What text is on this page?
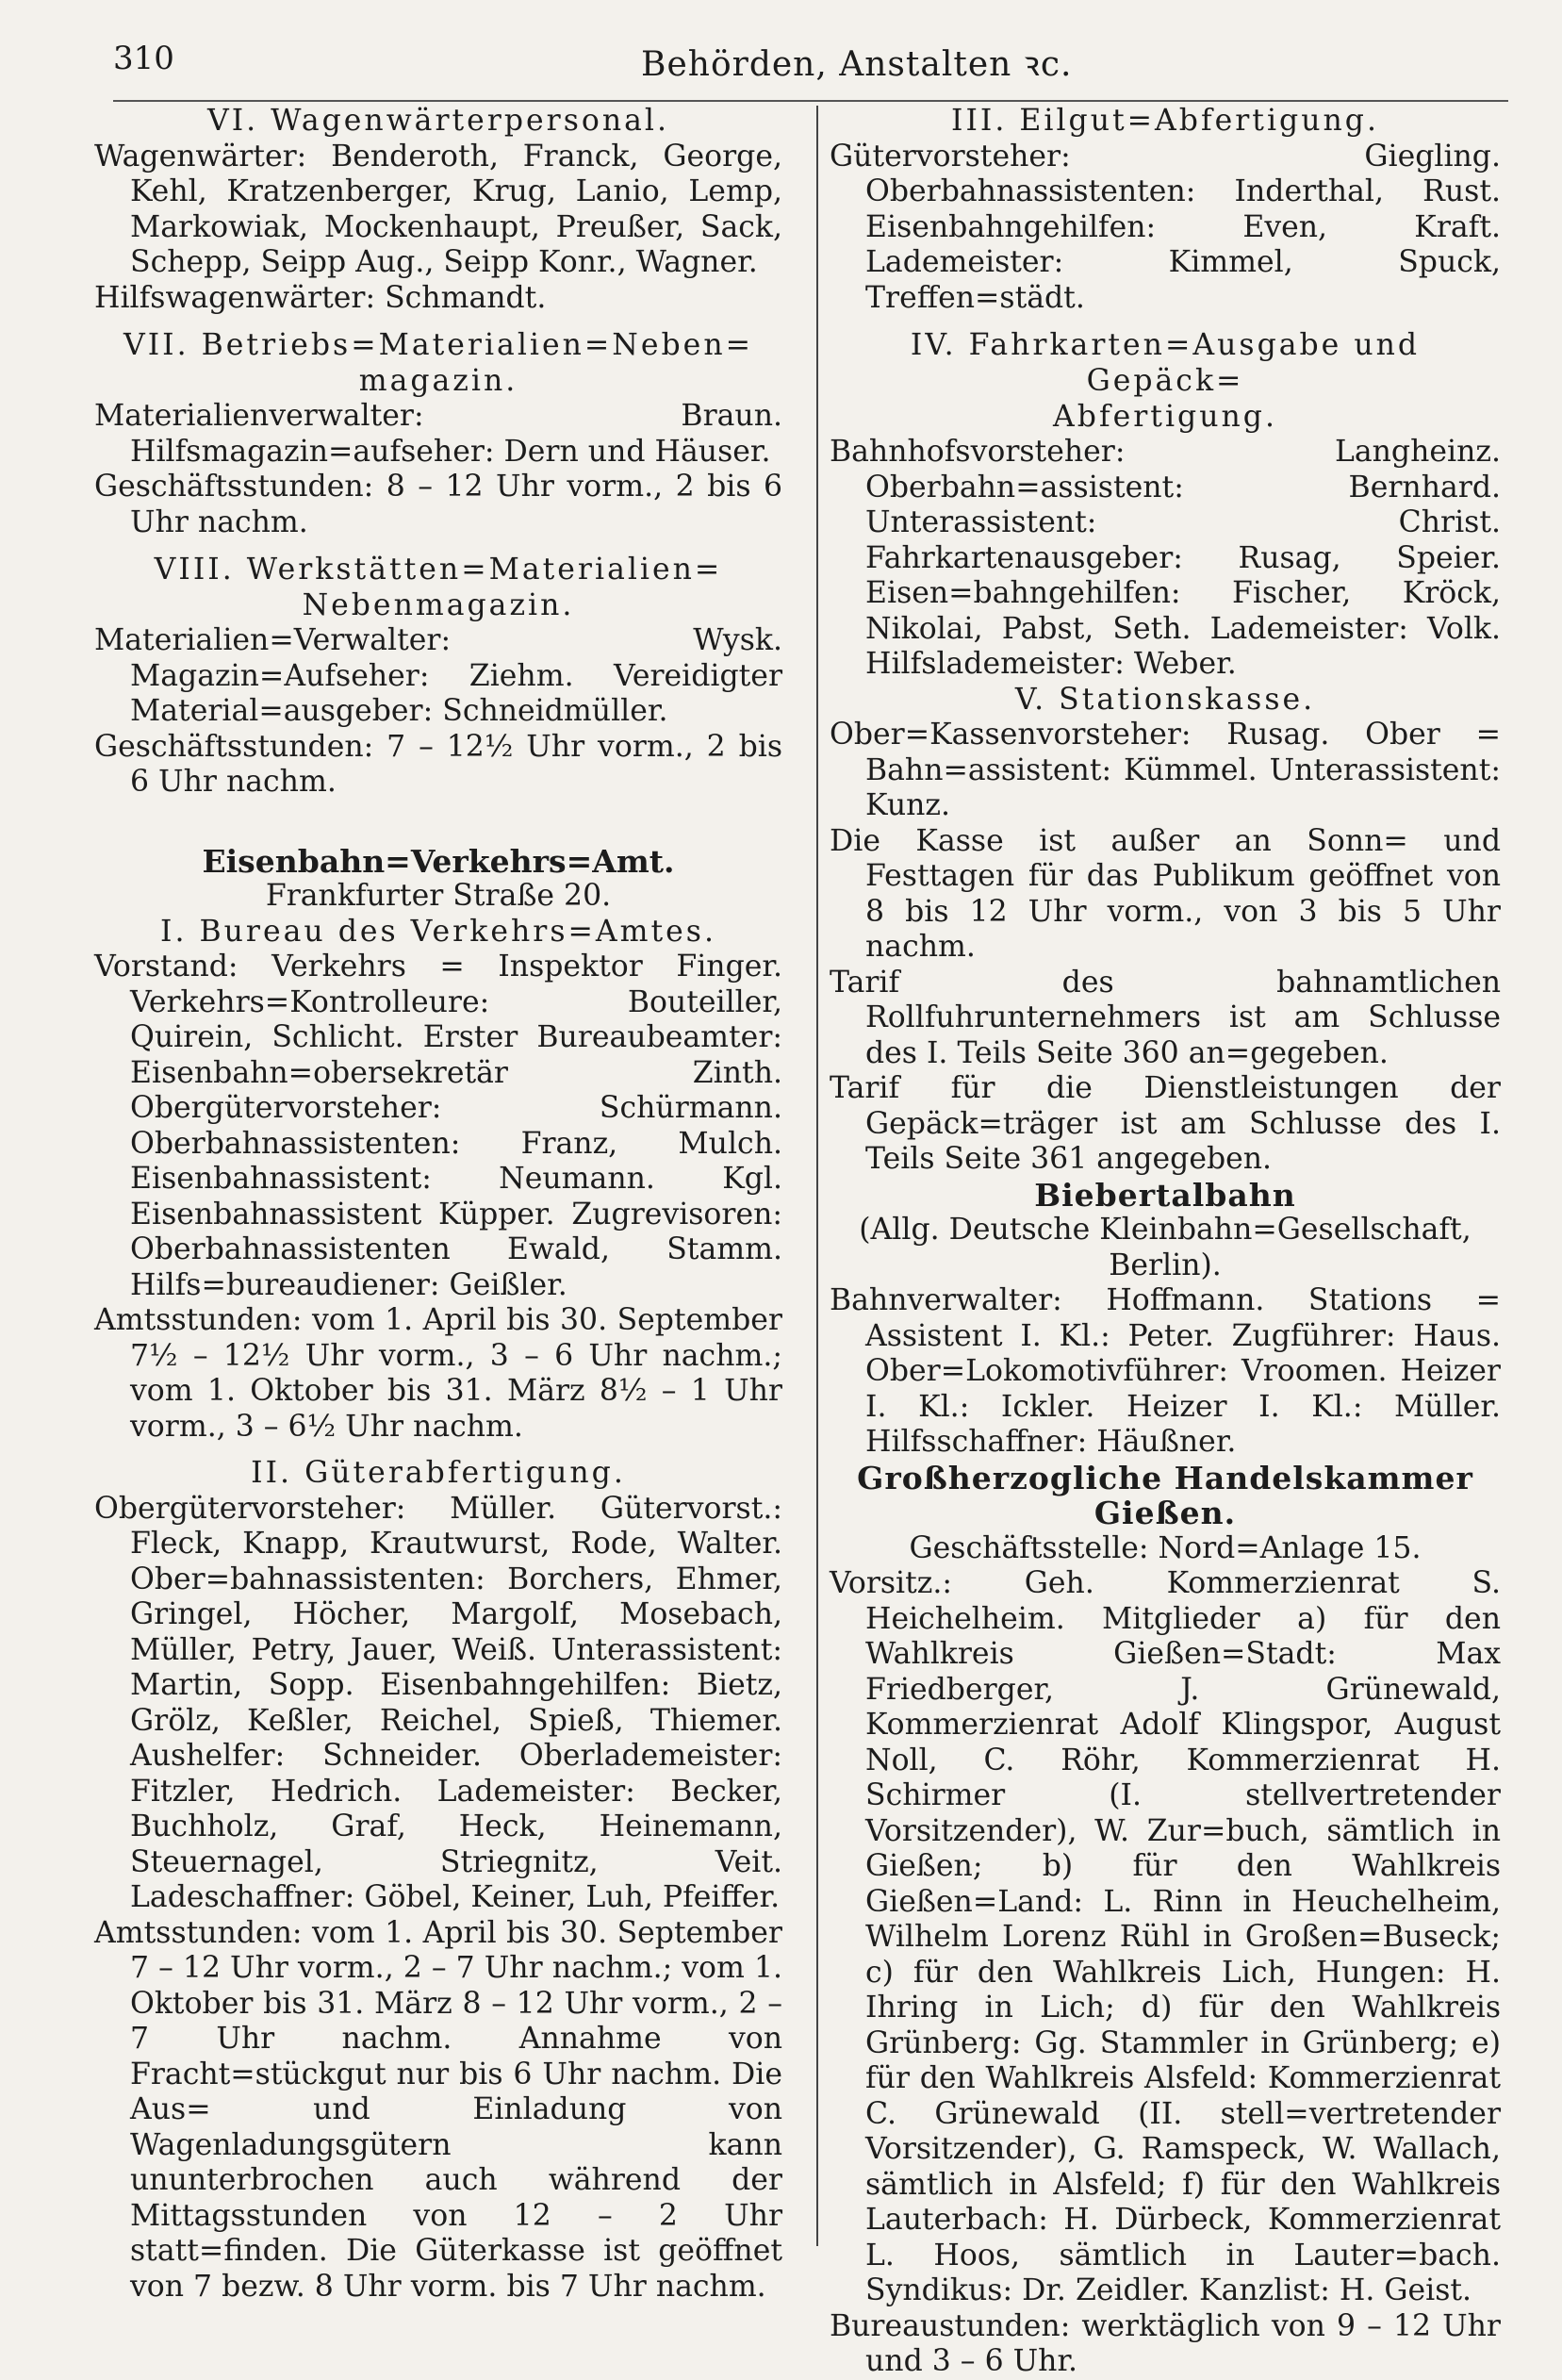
310	Behörden, Anstalten ꝛc.

VI. Wagenwärterpersonal.

Wagenwärter: Benderoth, Franck, George, Kehl, Kratzenberger, Krug, Lanio, Lemp, Markowiak, Mockenhaupt, Preußer, Sack, Schepp, Seipp Aug., Seipp Konr., Wagner.

Hilfswagenwärter: Schmandt.

VII. Betriebs=Materialien=Neben=

magazin.

Materialienverwalter: Braun. Hilfsmagazin=aufseher: Dern und Häuser.

Geschäftsstunden: 8 – 12 Uhr vorm., 2 bis 6 Uhr nachm.

VIII. Werkstätten=Materialien=

Nebenmagazin.

Materialien=Verwalter: Wysk. Magazin=Aufseher: Ziehm. Vereidigter Material=ausgeber: Schneidmüller.

Geschäftsstunden: 7 – 12½ Uhr vorm., 2 bis 6 Uhr nachm.

Eisenbahn=Verkehrs=Amt.

Frankfurter Straße 20.

I. Bureau des Verkehrs=Amtes.

Vorstand: Verkehrs = Inspektor Finger. Verkehrs=Kontrolleure: Bouteiller, Quirein, Schlicht. Erster Bureaubeamter: Eisenbahn=obersekretär Zinth. Obergütervorsteher: Schürmann. Oberbahnassistenten: Franz, Mulch. Eisenbahnassistent: Neumann. Kgl. Eisenbahnassistent Küpper. Zugrevisoren: Oberbahnassistenten Ewald, Stamm. Hilfs=bureaudiener: Geißler.

Amtsstunden: vom 1. April bis 30. September 7½ – 12½ Uhr vorm., 3 – 6 Uhr nachm.; vom 1. Oktober bis 31. März 8½ – 1 Uhr vorm., 3 – 6½ Uhr nachm.

II. Güterabfertigung.

Obergütervorsteher: Müller. Gütervorst.: Fleck, Knapp, Krautwurst, Rode, Walter. Ober=bahnassistenten: Borchers, Ehmer, Gringel, Höcher, Margolf, Mosebach, Müller, Petry, Jauer, Weiß. Unterassistent: Martin, Sopp. Eisenbahngehilfen: Bietz, Grölz, Keßler, Reichel, Spieß, Thiemer. Aushelfer: Schneider. Oberlademeister: Fitzler, Hedrich. Lademeister: Becker, Buchholz, Graf, Heck, Heinemann, Steuernagel, Striegnitz, Veit. Ladeschaffner: Göbel, Keiner, Luh, Pfeiffer.

Amtsstunden: vom 1. April bis 30. September 7 – 12 Uhr vorm., 2 – 7 Uhr nachm.; vom 1. Oktober bis 31. März 8 – 12 Uhr vorm., 2 – 7 Uhr nachm. Annahme von Fracht=stückgut nur bis 6 Uhr nachm. Die Aus= und Einladung von Wagenladungsgütern kann ununterbrochen auch während der Mittagsstunden von 12 – 2 Uhr statt=finden. Die Güterkasse ist geöffnet von 7 bezw. 8 Uhr vorm. bis 7 Uhr nachm.

III. Eilgut=Abfertigung.

Gütervorsteher: Giegling. Oberbahnassistenten: Inderthal, Rust. Eisenbahngehilfen: Even, Kraft. Lademeister: Kimmel, Spuck, Treffen=städt.

IV. Fahrkarten=Ausgabe und Gepäck=

Abfertigung.

Bahnhofsvorsteher: Langheinz. Oberbahn=assistent: Bernhard. Unterassistent: Christ. Fahrkartenausgeber: Rusag, Speier. Eisen=bahngehilfen: Fischer, Kröck, Nikolai, Pabst, Seth. Lademeister: Volk. Hilfslademeister: Weber.

V. Stationskasse.

Ober=Kassenvorsteher: Rusag. Ober = Bahn=assistent: Kümmel. Unterassistent: Kunz.

Die Kasse ist außer an Sonn= und Festtagen für das Publikum geöffnet von 8 bis 12 Uhr vorm., von 3 bis 5 Uhr nachm.

Tarif des bahnamtlichen Rollfuhrunternehmers ist am Schlusse des I. Teils Seite 360 an=gegeben.

Tarif für die Dienstleistungen der Gepäck=träger ist am Schlusse des I. Teils Seite 361 angegeben.

Biebertalbahn

(Allg. Deutsche Kleinbahn=Gesellschaft, Berlin).

Bahnverwalter: Hoffmann. Stations = Assistent I. Kl.: Peter. Zugführer: Haus. Ober=Lokomotivführer: Vroomen. Heizer I. Kl.: Ickler. Heizer I. Kl.: Müller. Hilfsschaffner: Häußner.

Großherzogliche Handelskammer Gießen.

Geschäftsstelle: Nord=Anlage 15.

Vorsitz.: Geh. Kommerzienrat S. Heichelheim. Mitglieder a) für den Wahlkreis Gießen=Stadt: Max Friedberger, J. Grünewald, Kommerzienrat Adolf Klingspor, August Noll, C. Röhr, Kommerzienrat H. Schirmer (I. stellvertretender Vorsitzender), W. Zur=buch, sämtlich in Gießen; b) für den Wahlkreis Gießen=Land: L. Rinn in Heuchelheim, Wilhelm Lorenz Rühl in Großen=Buseck; c) für den Wahlkreis Lich, Hungen: H. Ihring in Lich; d) für den Wahlkreis Grünberg: Gg. Stammler in Grünberg; e) für den Wahlkreis Alsfeld: Kommerzienrat C. Grünewald (II. stell=vertretender Vorsitzender), G. Ramspeck, W. Wallach, sämtlich in Alsfeld; f) für den Wahlkreis Lauterbach: H. Dürbeck, Kommerzienrat L. Hoos, sämtlich in Lauter=bach. Syndikus: Dr. Zeidler. Kanzlist: H. Geist.

Bureaustunden: werktäglich von 9 – 12 Uhr und 3 – 6 Uhr.
